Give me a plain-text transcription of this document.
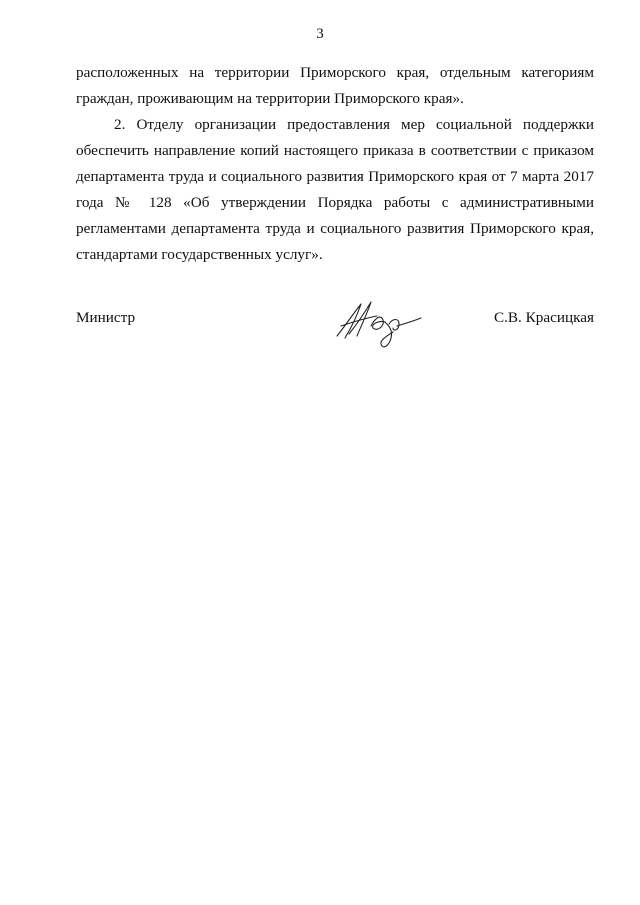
3

расположенных на территории Приморского края, отдельным категориям граждан, проживающим на территории Приморского края».

2. Отделу организации предоставления мер социальной поддержки обеспечить направление копий настоящего приказа в соответствии с приказом департамента труда и социального развития Приморского края от 7 марта 2017 года № 128 «Об утверждении Порядка работы с административными регламентами департамента труда и социального развития Приморского края, стандартами государственных услуг».

Министр	С.В. Красицкая
